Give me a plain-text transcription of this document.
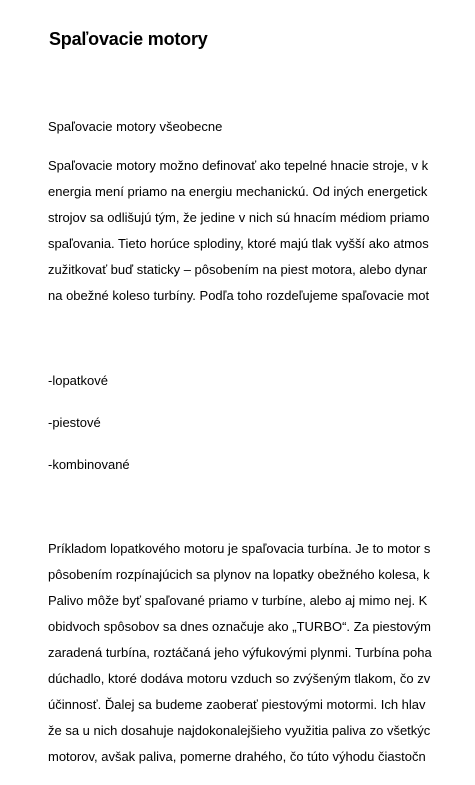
Spaľovacie motory
Spaľovacie motory všeobecne
Spaľovacie motory možno definovať ako tepelné hnacie stroje, v k
energia mení priamo na energiu mechanickú. Od iných energetick
strojov sa odlišujú tým, že jedine v nich sú hnacím médiom priamo
spaľovania. Tieto horúce splodiny, ktoré majú tlak vyšší ako atmos
zužitkovať buď staticky – pôsobením na piest motora, alebo dynar
na obežné koleso turbíny. Podľa toho rozdeľujeme spaľovacie mot
-lopatkové
-piestové
-kombinované
Príkladom lopatkového motoru je spaľovacia turbína. Je to motor s
pôsobením rozpínajúcich sa plynov na lopatky obežného kolesa, k
Palivo môže byť spaľované priamo v turbíne, alebo aj mimo nej. K
obidvoch spôsobov sa dnes označuje ako „TURBO“. Za piestovým
zaradená turbína, roztáčaná jeho výfukovými plynmi. Turbína poha
dúchadlo, ktoré dodáva motoru vzduch so zvýšeným tlakom, čo zv
účinnosť. Ďalej sa budeme zaoberať piestovými motormi. Ich hlav
že sa u nich dosahuje najdokonalejšieho využitia paliva zo všetkýc
motorov, avšak paliva, pomerne drahého, čo túto výhodu čiastočn
